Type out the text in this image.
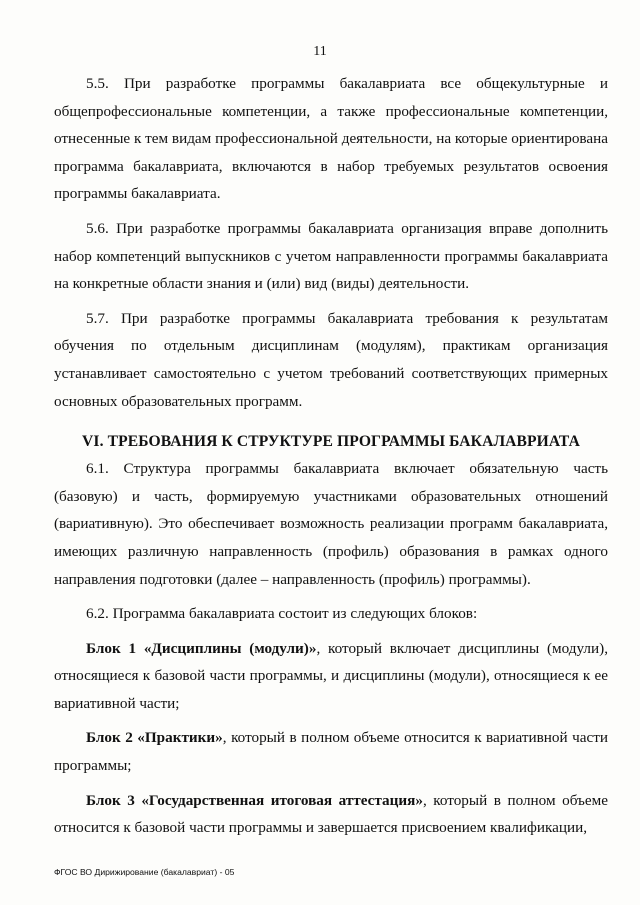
11

5.5. При разработке программы бакалавриата все общекультурные и общепрофессиональные компетенции, а также профессиональные компетенции, отнесенные к тем видам профессиональной деятельности, на которые ориентирована программа бакалавриата, включаются в набор требуемых результатов освоения программы бакалавриата.

5.6. При разработке программы бакалавриата организация вправе дополнить набор компетенций выпускников с учетом направленности программы бакалавриата на конкретные области знания и (или) вид (виды) деятельности.

5.7. При разработке программы бакалавриата требования к результатам обучения по отдельным дисциплинам (модулям), практикам организация устанавливает самостоятельно с учетом требований соответствующих примерных основных образовательных программ.

VI. ТРЕБОВАНИЯ К СТРУКТУРЕ ПРОГРАММЫ БАКАЛАВРИАТА

6.1. Структура программы бакалавриата включает обязательную часть (базовую) и часть, формируемую участниками образовательных отношений (вариативную). Это обеспечивает возможность реализации программ бакалавриата, имеющих различную направленность (профиль) образования в рамках одного направления подготовки (далее – направленность (профиль) программы).

6.2. Программа бакалавриата состоит из следующих блоков:

Блок 1 «Дисциплины (модули)», который включает дисциплины (модули), относящиеся к базовой части программы, и дисциплины (модули), относящиеся к ее вариативной части;

Блок 2 «Практики», который в полном объеме относится к вариативной части программы;

Блок 3 «Государственная итоговая аттестация», который в полном объеме относится к базовой части программы и завершается присвоением квалификации,

ФГОС ВО Дирижирование (бакалавриат) - 05
